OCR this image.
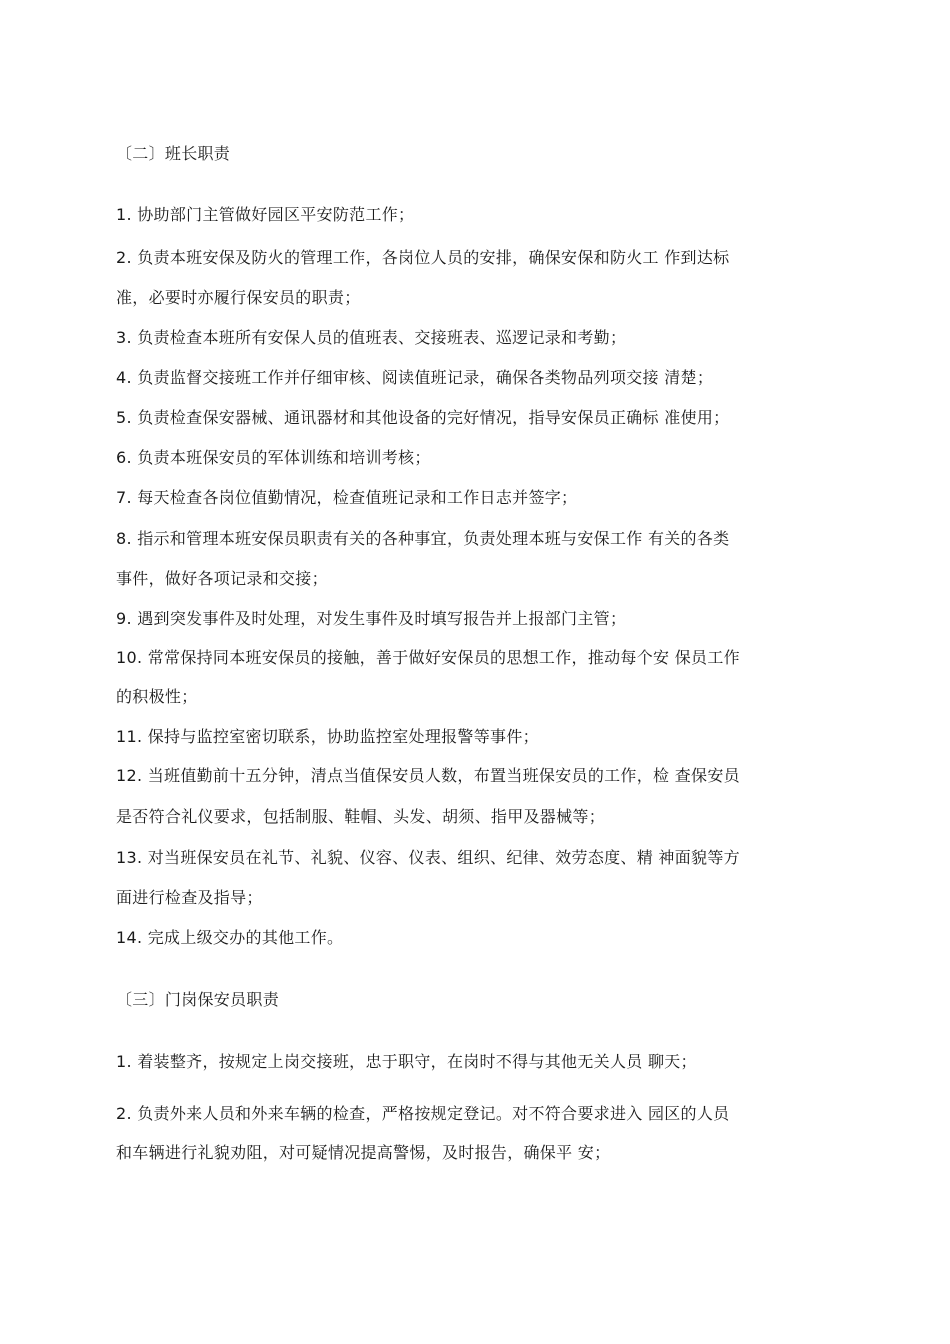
〔二〕班长职责
1. 协助部门主管做好园区平安防范工作；
2. 负责本班安保及防火的管理工作，各岗位人员的安排，确保安保和防火工 作到达标
准，必要时亦履行保安员的职责；
3. 负责检查本班所有安保人员的值班表、交接班表、巡逻记录和考勤；
4. 负责监督交接班工作并仔细审核、阅读值班记录，确保各类物品列项交接 清楚；
5. 负责检查保安器械、通讯器材和其他设备的完好情况，指导安保员正确标 准使用；
6. 负责本班保安员的军体训练和培训考核；
7. 每天检查各岗位值勤情况，检查值班记录和工作日志并签字；
8. 指示和管理本班安保员职责有关的各种事宜，负责处理本班与安保工作 有关的各类
事件，做好各项记录和交接；
9. 遇到突发事件及时处理，对发生事件及时填写报告并上报部门主管；
10. 常常保持同本班安保员的接触，善于做好安保员的思想工作，推动每个安 保员工作
的积极性；
11. 保持与监控室密切联系，协助监控室处理报警等事件；
12. 当班值勤前十五分钟，清点当值保安员人数，布置当班保安员的工作，检 查保安员
是否符合礼仪要求，包括制服、鞋帽、头发、胡须、指甲及器械等；
13. 对当班保安员在礼节、礼貌、仪容、仪表、组织、纪律、效劳态度、精 神面貌等方
面进行检查及指导；
14. 完成上级交办的其他工作。
〔三〕门岗保安员职责
1. 着装整齐，按规定上岗交接班，忠于职守，在岗时不得与其他无关人员 聊天；
2. 负责外来人员和外来车辆的检查，严格按规定登记。对不符合要求进入 园区的人员
和车辆进行礼貌劝阻，对可疑情况提高警惕，及时报告，确保平 安；
